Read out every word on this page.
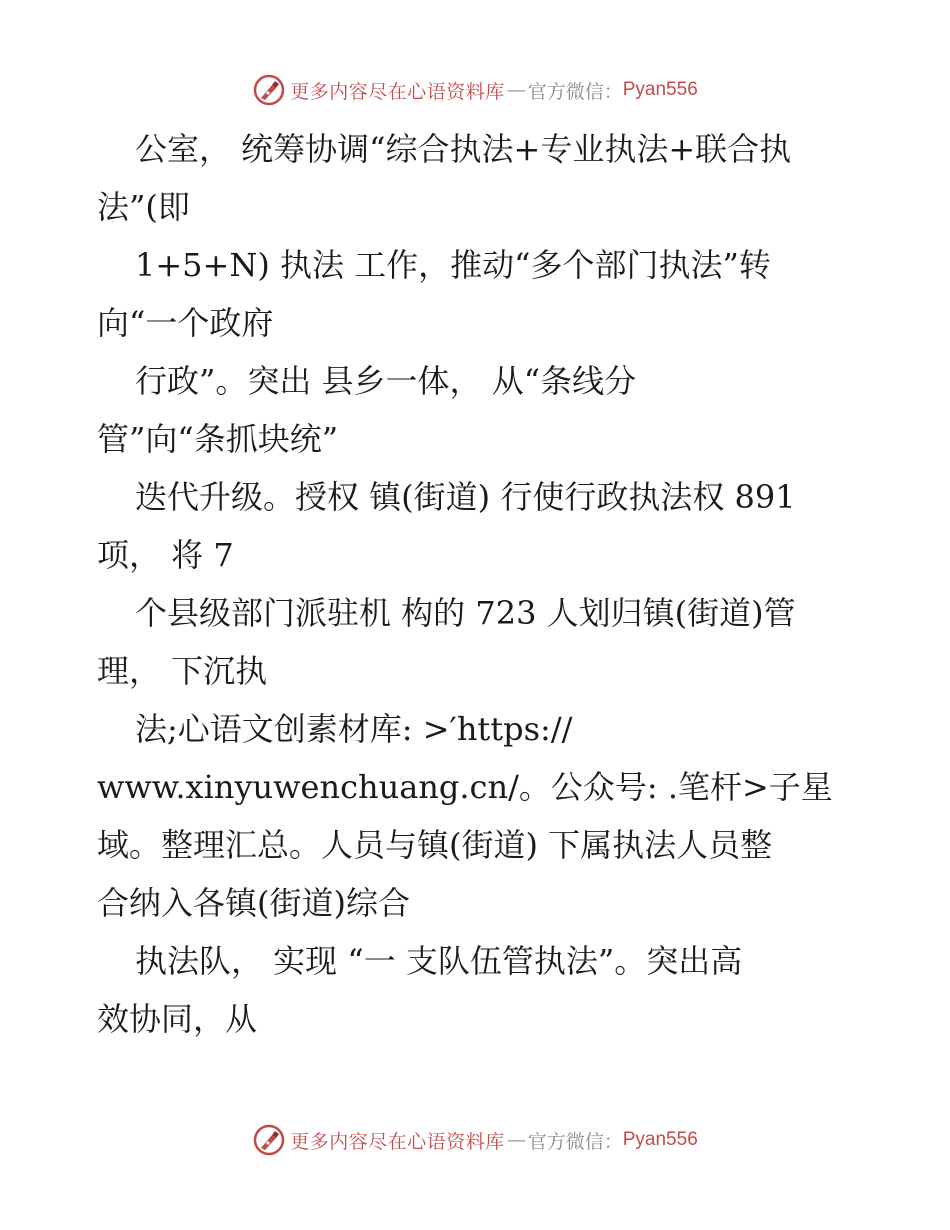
更多内容尽在心语资料库 — 官方微信： Pyan556
公室， 统筹协调“综合执法+专业执法+联合执
法”(即
1+5+N) 执法 工作，推动“多个部门执法”转
向“一个政府
行政”。突出 县乡一体， 从“条线分
管”向“条抓块统”
迭代升级。授权 镇(街道) 行使行政执法权 891
项， 将 7
个县级部门派驻机 构的 723 人划归镇(街道)管
理， 下沉执
法;心语文创素材库: >′https://
www.xinyuwenchuang.cn/。公众号: .笔杆>子星
域。整理汇总。人员与镇(街道) 下属执法人员整
合纳入各镇(街道)综合
执法队， 实现 “一 支队伍管执法”。突出高
效协同，从
更多内容尽在心语资料库 — 官方微信： Pyan556
